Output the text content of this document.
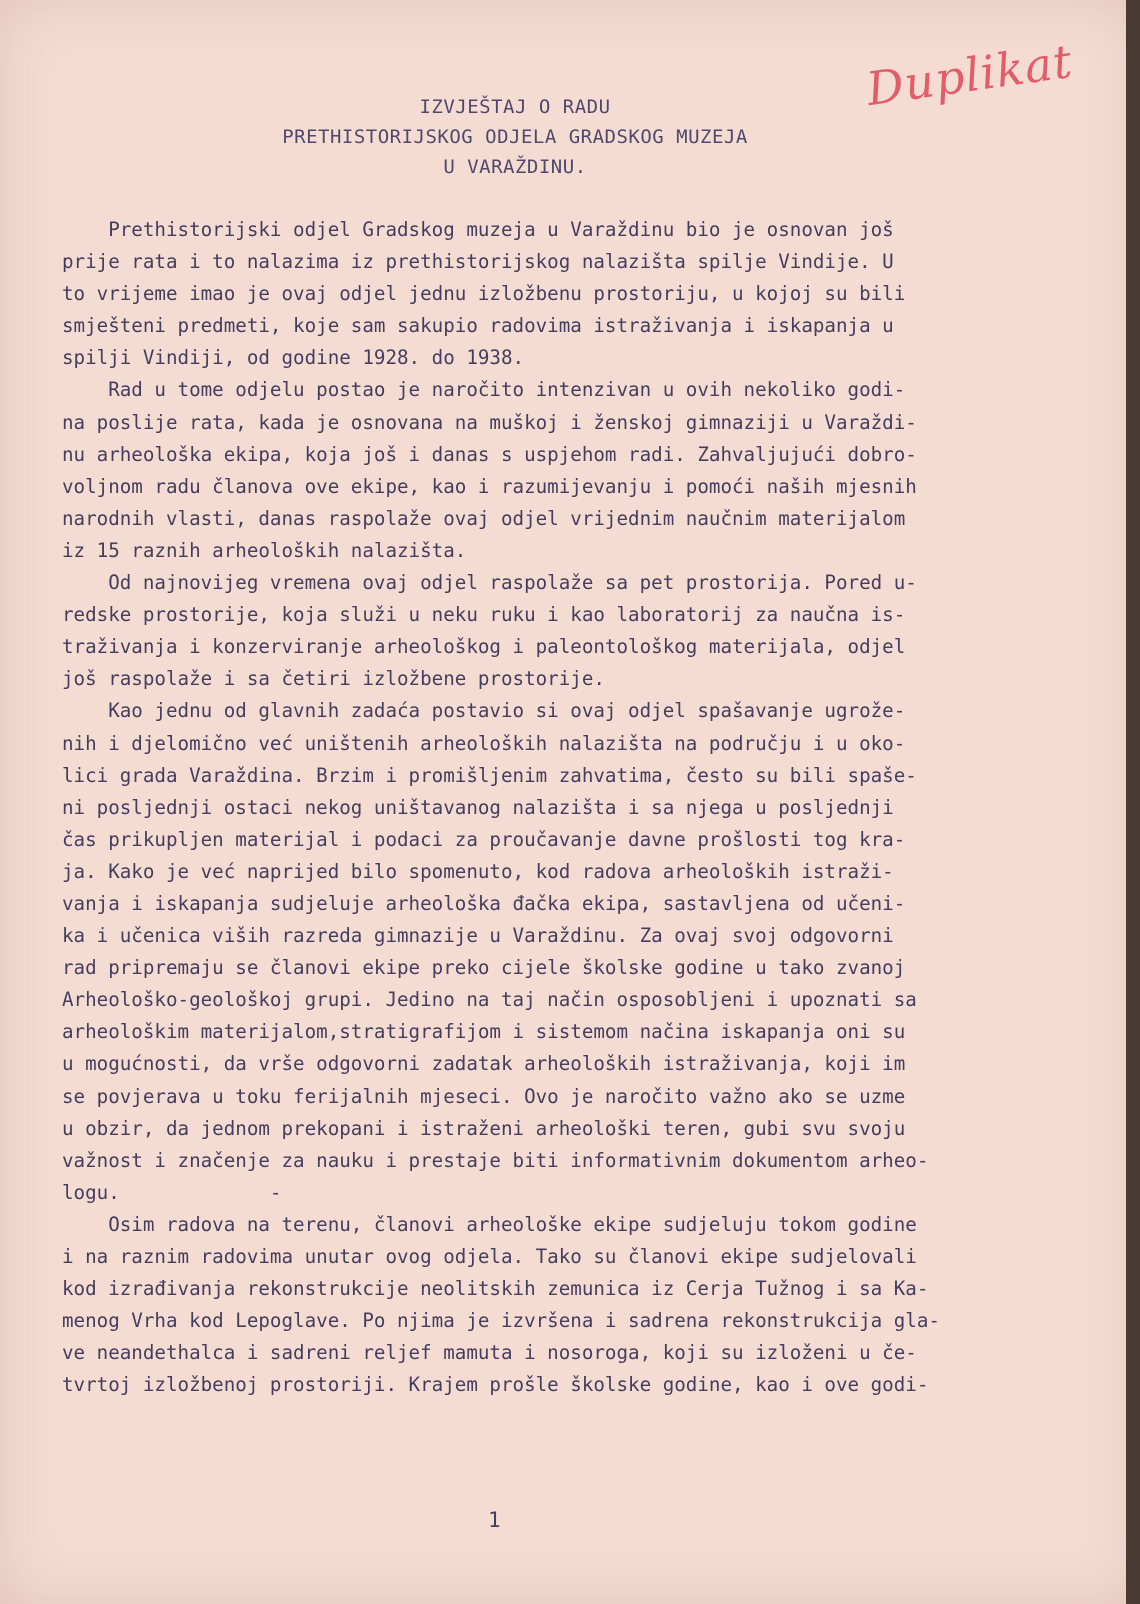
Duplikat
IZVJEŠTAJ O RADU
PRETHISTORIJSKOG ODJELA GRADSKOG MUZEJA
U VARAŽDINU.
Prethistorijski odjel Gradskog muzeja u Varaždinu bio je osnovan još
prije rata i to nalazima iz prethistorijskog nalazišta spilje Vindije. U
to vrijeme imao je ovaj odjel jednu izložbenu prostoriju, u kojoj su bili
smješteni predmeti, koje sam sakupio radovima istraživanja i iskapanja u
spilji Vindiji, od godine 1928. do 1938.
Rad u tome odjelu postao je naročito intenzivan u ovih nekoliko godi-
na poslije rata, kada je osnovana na muškoj i ženskoj gimnaziji u Varaždi-
nu arheološka ekipa, koja još i danas s uspjehom radi. Zahvaljujući dobro-
voljnom radu članova ove ekipe, kao i razumijevanju i pomoći naših mjesnih
narodnih vlasti, danas raspolaže ovaj odjel vrijednim naučnim materijalom
iz 15 raznih arheoloških nalazišta.
Od najnovijeg vremena ovaj odjel raspolaže sa pet prostorija. Pored u-
redske prostorije, koja služi u neku ruku i kao laboratorij za naučna is-
traživanja i konzerviranje arheološkog i paleontološkog materijala, odjel
još raspolaže i sa četiri izložbene prostorije.
Kao jednu od glavnih zadaća postavio si ovaj odjel spašavanje ugrože-
nih i djelomično već uništenih arheoloških nalazišta na području i u oko-
lici grada Varaždina. Brzim i promišljenim zahvatima, često su bili spaše-
ni posljednji ostaci nekog uništavanog nalazišta i sa njega u posljednji
čas prikupljen materijal i podaci za proučavanje davne prošlosti tog kra-
ja. Kako je već naprijed bilo spomenuto, kod radova arheoloških istraži-
vanja i iskapanja sudjeluje arheološka đačka ekipa, sastavljena od učeni-
ka i učenica viših razreda gimnazije u Varaždinu. Za ovaj svoj odgovorni
rad pripremaju se članovi ekipe preko cijele školske godine u tako zvanoj
Arheološko-geološkoj grupi. Jedino na taj način osposobljeni i upoznati sa
arheološkim materijalom,stratigrafijom i sistemom načina iskapanja oni su
u mogućnosti, da vrše odgovorni zadatak arheoloških istraživanja, koji im
se povjerava u toku ferijalnih mjeseci. Ovo je naročito važno ako se uzme
u obzir, da jednom prekopani i istraženi arheološki teren, gubi svu svoju
važnost i značenje za nauku i prestaje biti informativnim dokumentom arheo-
logu.             -
Osim radova na terenu, članovi arheološke ekipe sudjeluju tokom godine
i na raznim radovima unutar ovog odjela. Tako su članovi ekipe sudjelovali
kod izrađivanja rekonstrukcije neolitskih zemunica iz Cerja Tužnog i sa Ka-
menog Vrha kod Lepoglave. Po njima je izvršena i sadrena rekonstrukcija gla-
ve neandethalca i sadreni reljef mamuta i nosoroga, koji su izloženi u če-
tvrtoj izložbenoj prostoriji. Krajem prošle školske godine, kao i ove godi-
1
